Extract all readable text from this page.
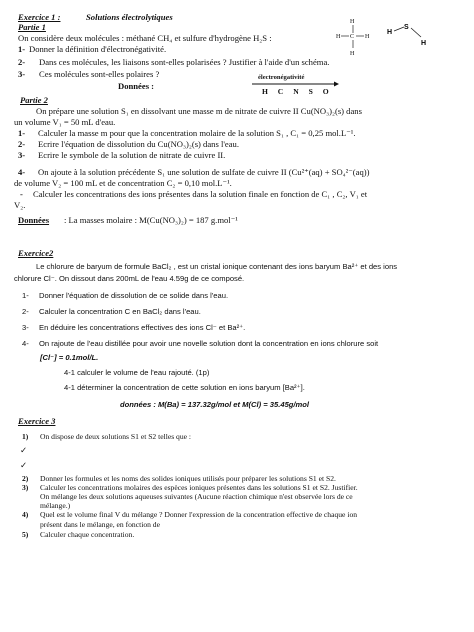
Exercice 1 :	Solutions électrolytiques
Partie 1	H
H C H
H
H
S
H
On considère deux molécules : méthané CH₄ et sulfure d'hydrogène H₂S :
1- Donner la définition d'électronégativité.
2- Dans ces molécules, les liaisons sont-elles polarisées ? Justifier à l'aide d'un schéma.
3- Ces molécules sont-elles polaires ?	électronégativité
H C N S O
Données :
Partie 2
On prépare une solution S₁ en dissolvant une masse m de nitrate de cuivre II Cu(NO₃)₂(s) dans
un volume V₁ = 50 mL d'eau.
1- Calculer la masse m pour que la concentration molaire de la solution S₁ , C₁ = 0,25 mol.L⁻¹.
2- Ecrire l'équation de dissolution du Cu(NO₃)₂(s) dans l'eau.
3- Ecrire le symbole de la solution de nitrate de cuivre II.
4- On ajoute à la solution précédente S₁ une solution de sulfate de cuivre II (Cu²⁺(aq) + SO₄²⁻(aq))
de volume V₂ = 100 mL et de concentration C₂ = 0,10 mol.L⁻¹.
- Calculer les concentrations des ions présentes dans la solution finale en fonction de C₁ , C₂, V₁ et
V₂.
Données : La masses molaire : M(Cu(NO₃)₂) = 187 g.mol⁻¹
Exercice2
Le chlorure de baryum de formule BaCl₂ , est un cristal ionique contenant des ions baryum Ba²⁺ et des ions
chlorure Cl⁻. On dissout dans 200mL de l'eau 4.59g de ce composé.
1- Donner l'équation de dissolution de ce solide dans l'eau.
2- Calculer la concentration C en BaCl₂ dans l'eau.
3- En déduire les concentrations effectives des ions Cl⁻ et Ba²⁺.
4- On rajoute de l'eau distillée pour avoir une novelle solution dont la concentration en ions chlorure soit
[Cl⁻] = 0.1mol/L.
4-1 calculer le volume de l'eau rajouté. (1p)
4-1 déterminer la concentration de cette solution en ions baryum [Ba²⁺].
données : M(Ba) = 137.32g/mol et M(Cl) = 35.45g/mol
Exercice 3
1) On dispose de deux solutions S1 et S2 telles que :
✓
✓
2) Donner les formules et les noms des solides ioniques utilisés pour préparer les solutions S1 et S2.
3) Calculer les concentrations molaires des espèces ioniques présentes dans les solutions S1 et S2. Justifier.
On mélange les deux solutions aqueuses suivantes (Aucune réaction chimique n'est observée lors de ce
mélange.)
4) Quel est le volume final V du mélange ? Donner l'expression de la concentration effective de chaque ion
présent dans le mélange, en fonction de
5) Calculer chaque concentration.
